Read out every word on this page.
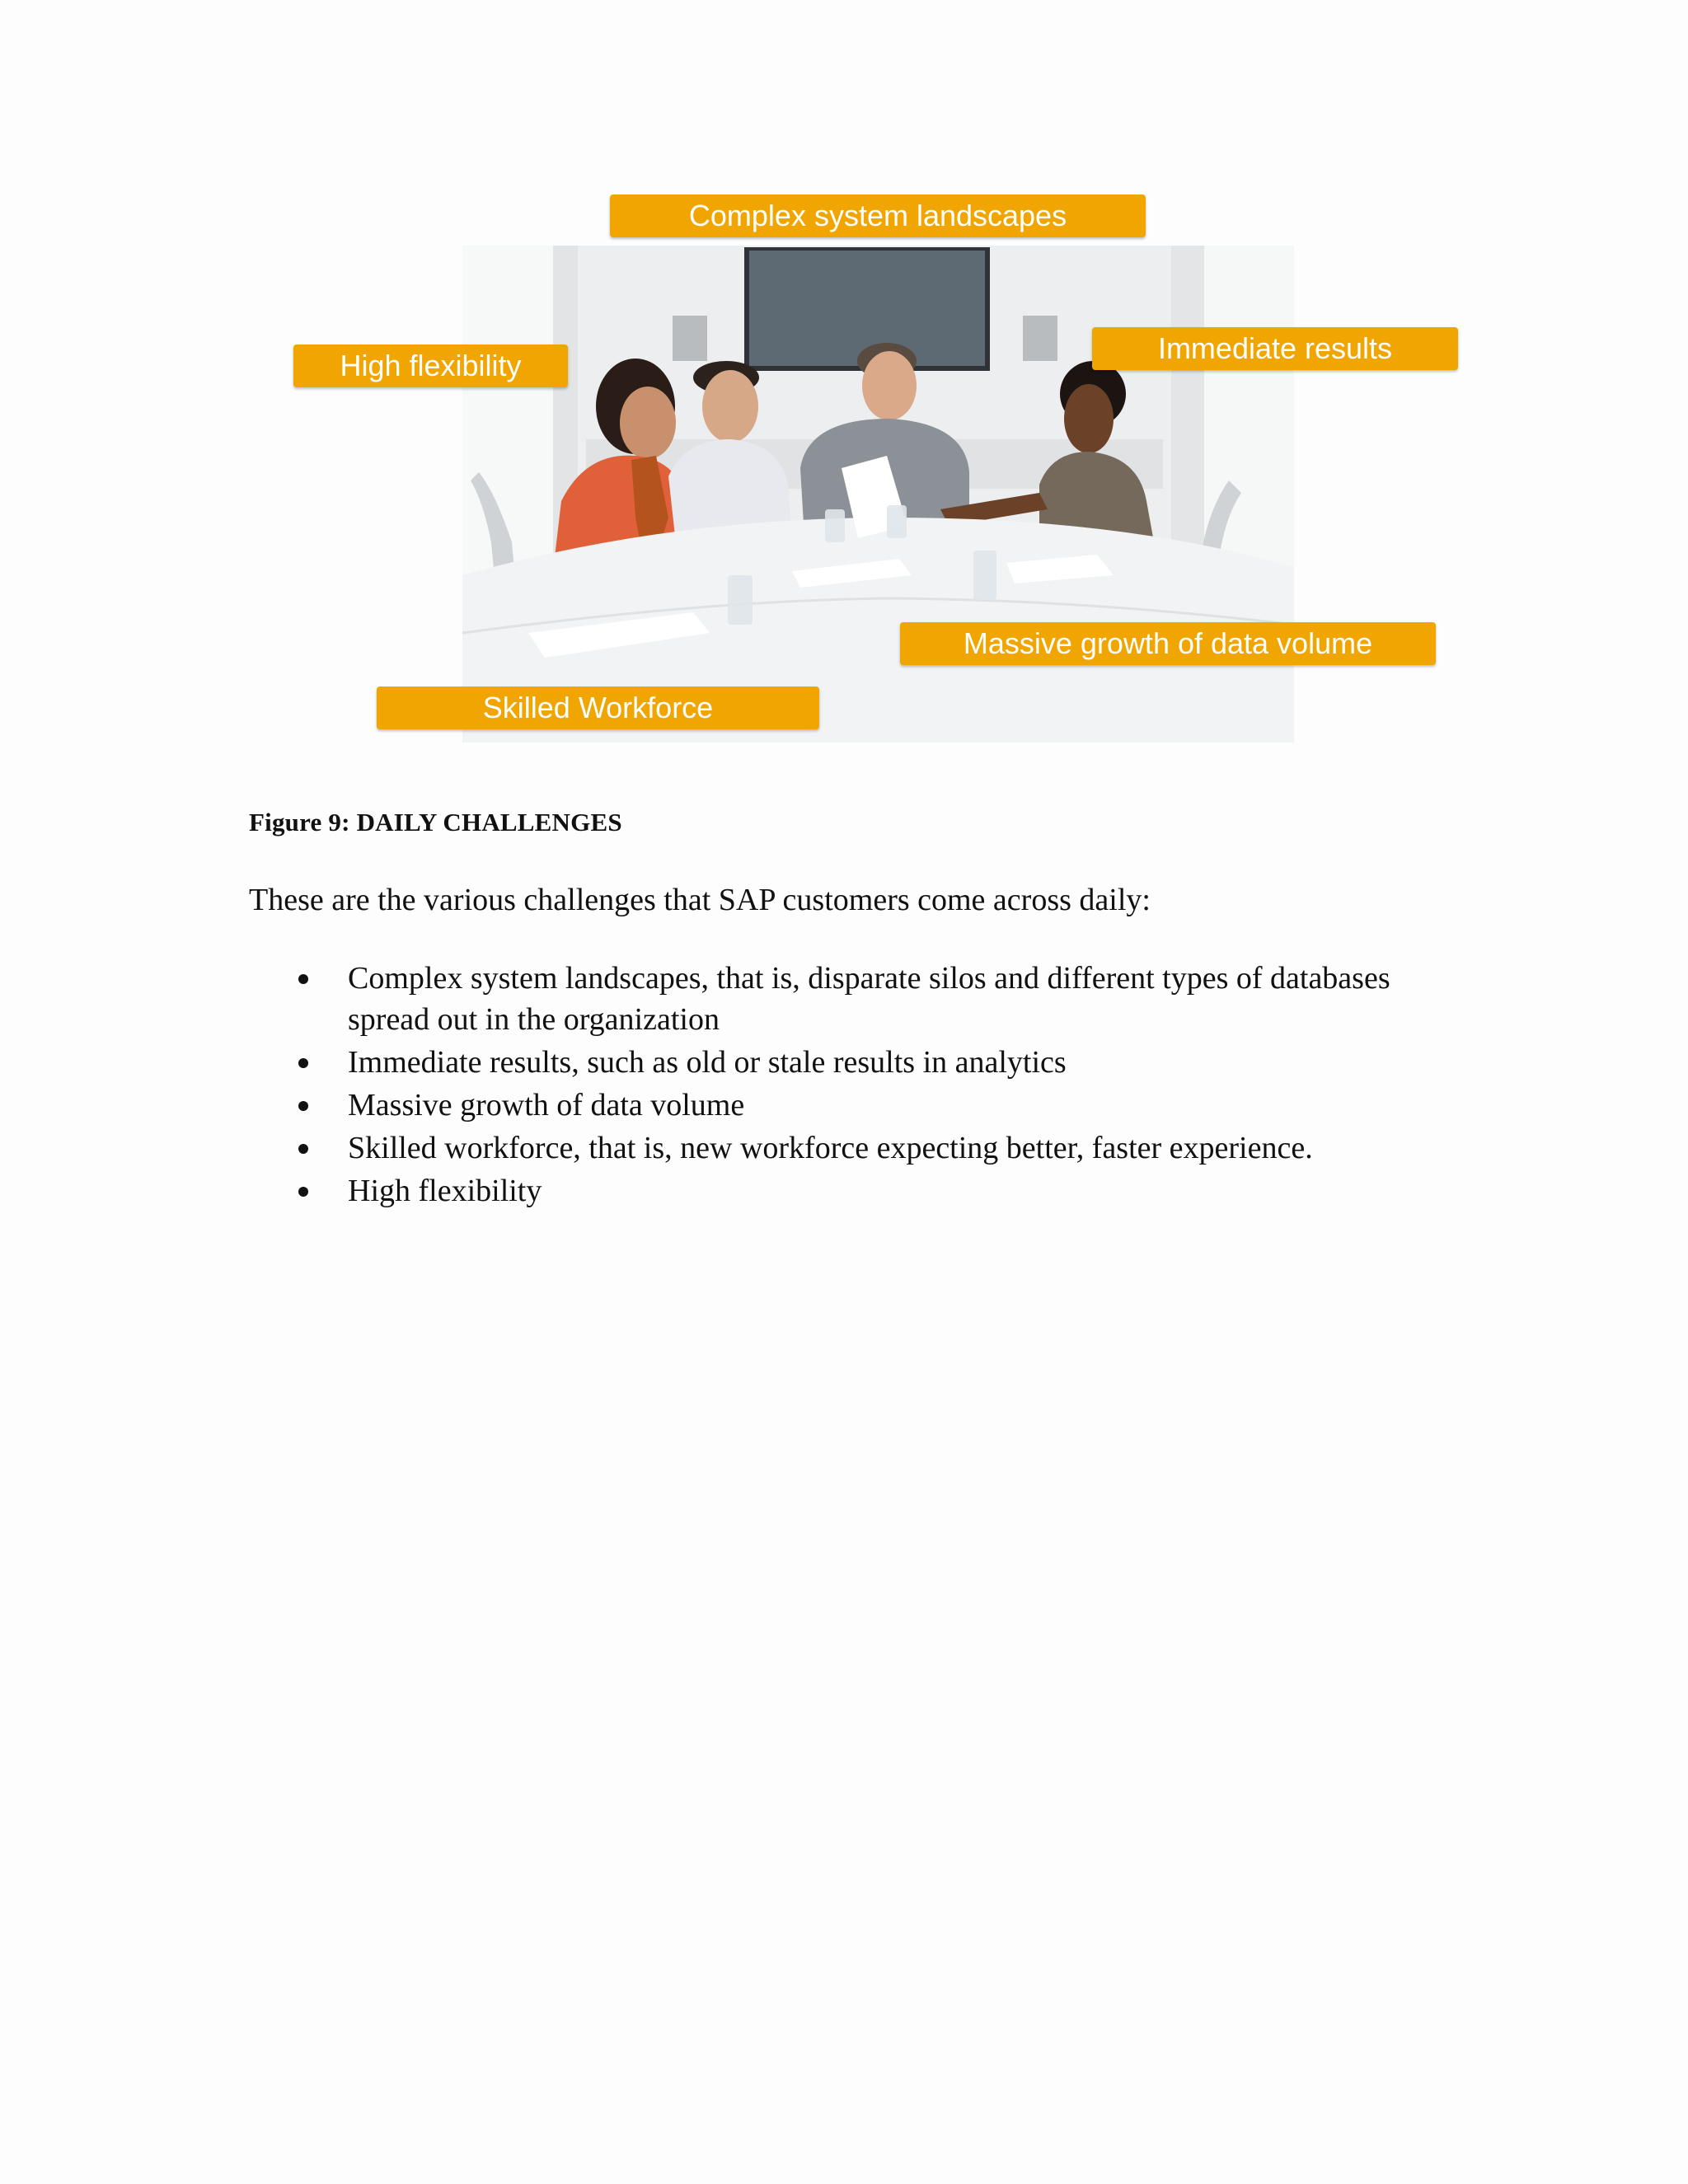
Complex system landscapes
High flexibility
Immediate results
Massive growth of data volume
Skilled Workforce
Figure 9: DAILY CHALLENGES
These are the various challenges that SAP customers come across daily:
Complex system landscapes, that is, disparate silos and different types of databases spread out in the organization
Immediate results, such as old or stale results in analytics
Massive growth of data volume
Skilled workforce, that is, new workforce expecting better, faster experience.
High flexibility
